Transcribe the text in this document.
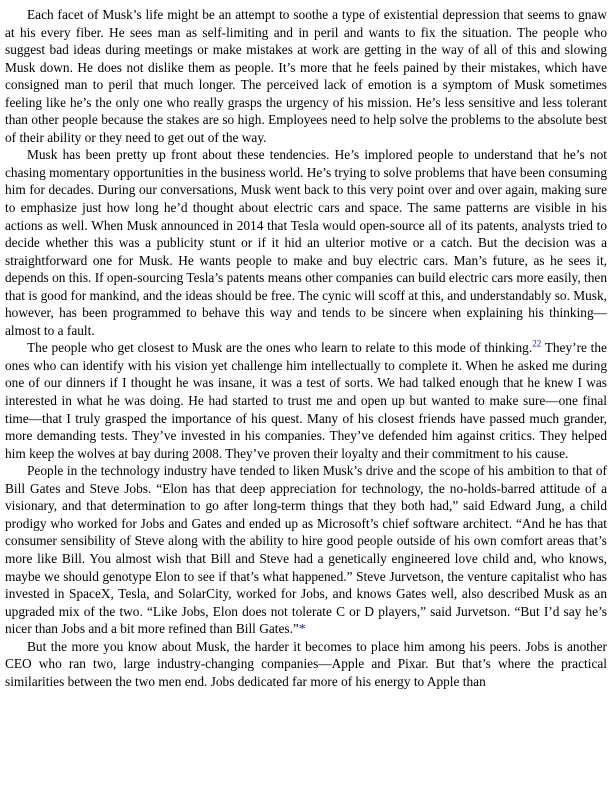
Each facet of Musk’s life might be an attempt to soothe a type of existential depression that seems to gnaw at his every fiber. He sees man as self-limiting and in peril and wants to fix the situation. The people who suggest bad ideas during meetings or make mistakes at work are getting in the way of all of this and slowing Musk down. He does not dislike them as people. It’s more that he feels pained by their mistakes, which have consigned man to peril that much longer. The perceived lack of emotion is a symptom of Musk sometimes feeling like he’s the only one who really grasps the urgency of his mission. He’s less sensitive and less tolerant than other people because the stakes are so high. Employees need to help solve the problems to the absolute best of their ability or they need to get out of the way.

Musk has been pretty up front about these tendencies. He’s implored people to understand that he’s not chasing momentary opportunities in the business world. He’s trying to solve problems that have been consuming him for decades. During our conversations, Musk went back to this very point over and over again, making sure to emphasize just how long he’d thought about electric cars and space. The same patterns are visible in his actions as well. When Musk announced in 2014 that Tesla would open-source all of its patents, analysts tried to decide whether this was a publicity stunt or if it hid an ulterior motive or a catch. But the decision was a straightforward one for Musk. He wants people to make and buy electric cars. Man’s future, as he sees it, depends on this. If open-sourcing Tesla’s patents means other companies can build electric cars more easily, then that is good for mankind, and the ideas should be free. The cynic will scoff at this, and understandably so. Musk, however, has been programmed to behave this way and tends to be sincere when explaining his thinking—almost to a fault.

The people who get closest to Musk are the ones who learn to relate to this mode of thinking.$^{22}$ They’re the ones who can identify with his vision yet challenge him intellectually to complete it. When he asked me during one of our dinners if I thought he was insane, it was a test of sorts. We had talked enough that he knew I was interested in what he was doing. He had started to trust me and open up but wanted to make sure—one final time—that I truly grasped the importance of his quest. Many of his closest friends have passed much grander, more demanding tests. They’ve invested in his companies. They’ve defended him against critics. They helped him keep the wolves at bay during 2008. They’ve proven their loyalty and their commitment to his cause.

People in the technology industry have tended to liken Musk’s drive and the scope of his ambition to that of Bill Gates and Steve Jobs. “Elon has that deep appreciation for technology, the no-holds-barred attitude of a visionary, and that determination to go after long-term things that they both had,” said Edward Jung, a child prodigy who worked for Jobs and Gates and ended up as Microsoft’s chief software architect. “And he has that consumer sensibility of Steve along with the ability to hire good people outside of his own comfort areas that’s more like Bill. You almost wish that Bill and Steve had a genetically engineered love child and, who knows, maybe we should genotype Elon to see if that’s what happened.” Steve Jurvetson, the venture capitalist who has invested in SpaceX, Tesla, and SolarCity, worked for Jobs, and knows Gates well, also described Musk as an upgraded mix of the two. “Like Jobs, Elon does not tolerate C or D players,” said Jurvetson. “But I’d say he’s nicer than Jobs and a bit more refined than Bill Gates.”*

But the more you know about Musk, the harder it becomes to place him among his peers. Jobs is another CEO who ran two, large industry-changing companies—Apple and Pixar. But that’s where the practical similarities between the two men end. Jobs dedicated far more of his energy to Apple than
